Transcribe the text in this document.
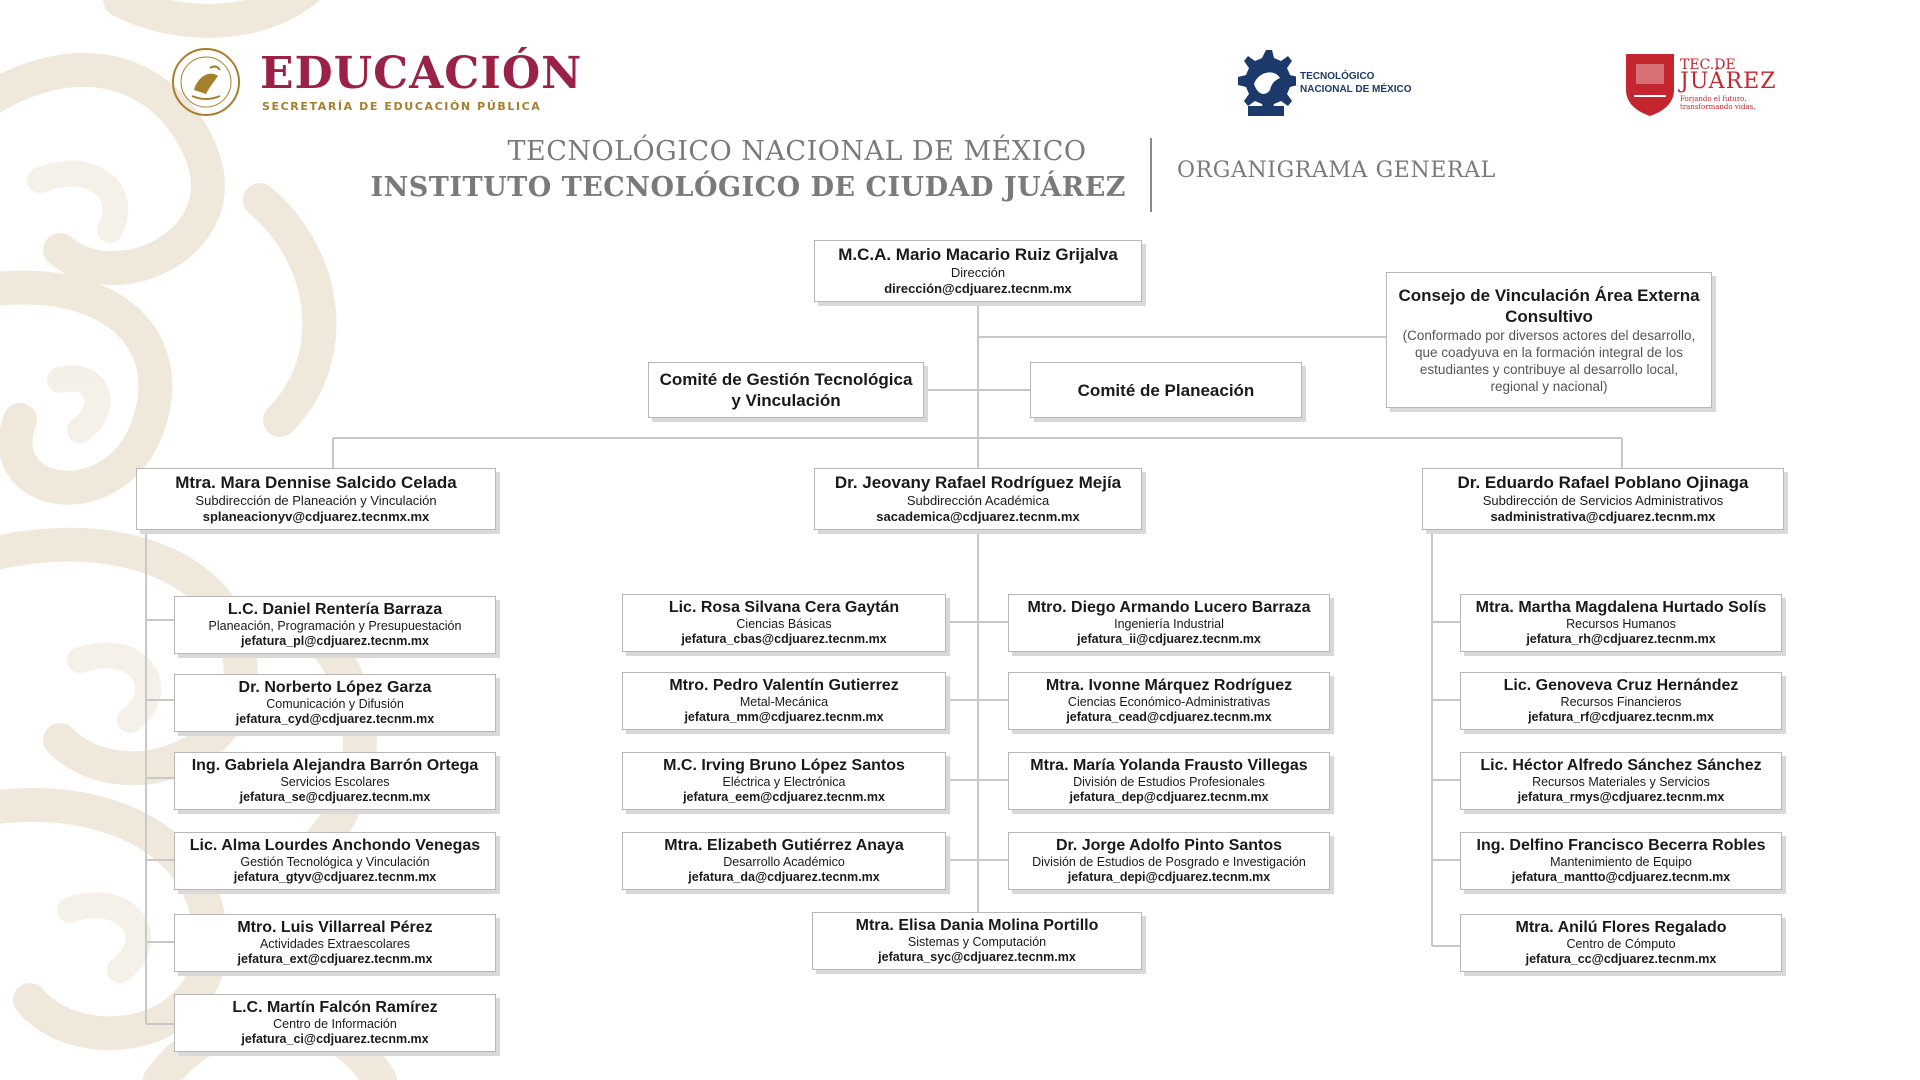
EDUCACIÓN
SECRETARÍA DE EDUCACIÓN PÚBLICA
TECNOLÓGICO
NACIONAL DE MÉXICO
TEC.DE
JUÁREZ
Forjando el futuro, transformando vidas.
TECNOLÓGICO NACIONAL DE MÉXICO
INSTITUTO TECNOLÓGICO DE CIUDAD JUÁREZ
ORGANIGRAMA GENERAL
M.C.A. Mario Macario Ruiz Grijalva
Dirección
dirección@cdjuarez.tecnm.mx	Consejo de Vinculación Área Externa Consultivo
(Conformado por diversos actores del desarrollo, que coadyuva en la formación integral de los estudiantes y contribuye al desarrollo local, regional y nacional)
Comité de Gestión Tecnológica y Vinculación
Comité de Planeación
Mtra. Mara Dennise Salcido Celada
Subdirección de Planeación y Vinculación
splaneacionyv@cdjuarez.tecnmx.mx
Dr. Jeovany Rafael Rodríguez Mejía
Subdirección Académica
sacademica@cdjuarez.tecnm.mx
Dr. Eduardo Rafael Poblano Ojinaga
Subdirección de Servicios Administrativos
sadministrativa@cdjuarez.tecnm.mx
L.C. Daniel Rentería Barraza
Planeación, Programación y Presupuestación
jefatura_pl@cdjuarez.tecnm.mx
Dr. Norberto López Garza
Comunicación y Difusión
jefatura_cyd@cdjuarez.tecnm.mx
Ing. Gabriela Alejandra Barrón Ortega
Servicios Escolares
jefatura_se@cdjuarez.tecnm.mx
Lic. Alma Lourdes Anchondo Venegas
Gestión Tecnológica y Vinculación
jefatura_gtyv@cdjuarez.tecnm.mx
Mtro. Luis Villarreal Pérez
Actividades Extraescolares
jefatura_ext@cdjuarez.tecnm.mx
L.C. Martín Falcón Ramírez
Centro de Información
jefatura_ci@cdjuarez.tecnm.mx
Lic. Rosa Silvana Cera Gaytán
Ciencias Básicas
jefatura_cbas@cdjuarez.tecnm.mx
Mtro. Pedro Valentín Gutierrez
Metal-Mecánica
jefatura_mm@cdjuarez.tecnm.mx
M.C. Irving Bruno López Santos
Eléctrica y Electrónica
jefatura_eem@cdjuarez.tecnm.mx
Mtra. Elizabeth Gutiérrez Anaya
Desarrollo Académico
jefatura_da@cdjuarez.tecnm.mx
Mtro. Diego Armando Lucero Barraza
Ingeniería Industrial
jefatura_ii@cdjuarez.tecnm.mx
Mtra. Ivonne Márquez Rodríguez
Ciencias Económico-Administrativas
jefatura_cead@cdjuarez.tecnm.mx
Mtra. María Yolanda Frausto Villegas
División de Estudios Profesionales
jefatura_dep@cdjuarez.tecnm.mx
Dr. Jorge Adolfo Pinto Santos
División de Estudios de Posgrado e Investigación
jefatura_depi@cdjuarez.tecnm.mx
Mtra. Elisa Dania Molina Portillo
Sistemas y Computación
jefatura_syc@cdjuarez.tecnm.mx
Mtra. Martha Magdalena Hurtado Solís
Recursos Humanos
jefatura_rh@cdjuarez.tecnm.mx
Lic. Genoveva Cruz Hernández
Recursos Financieros
jefatura_rf@cdjuarez.tecnm.mx
Lic. Héctor Alfredo Sánchez Sánchez
Recursos Materiales y Servicios
jefatura_rmys@cdjuarez.tecnm.mx
Ing. Delfino Francisco Becerra Robles
Mantenimiento de Equipo
jefatura_mantto@cdjuarez.tecnm.mx
Mtra. Anilú Flores Regalado
Centro de Cómputo
jefatura_cc@cdjuarez.tecnm.mx
